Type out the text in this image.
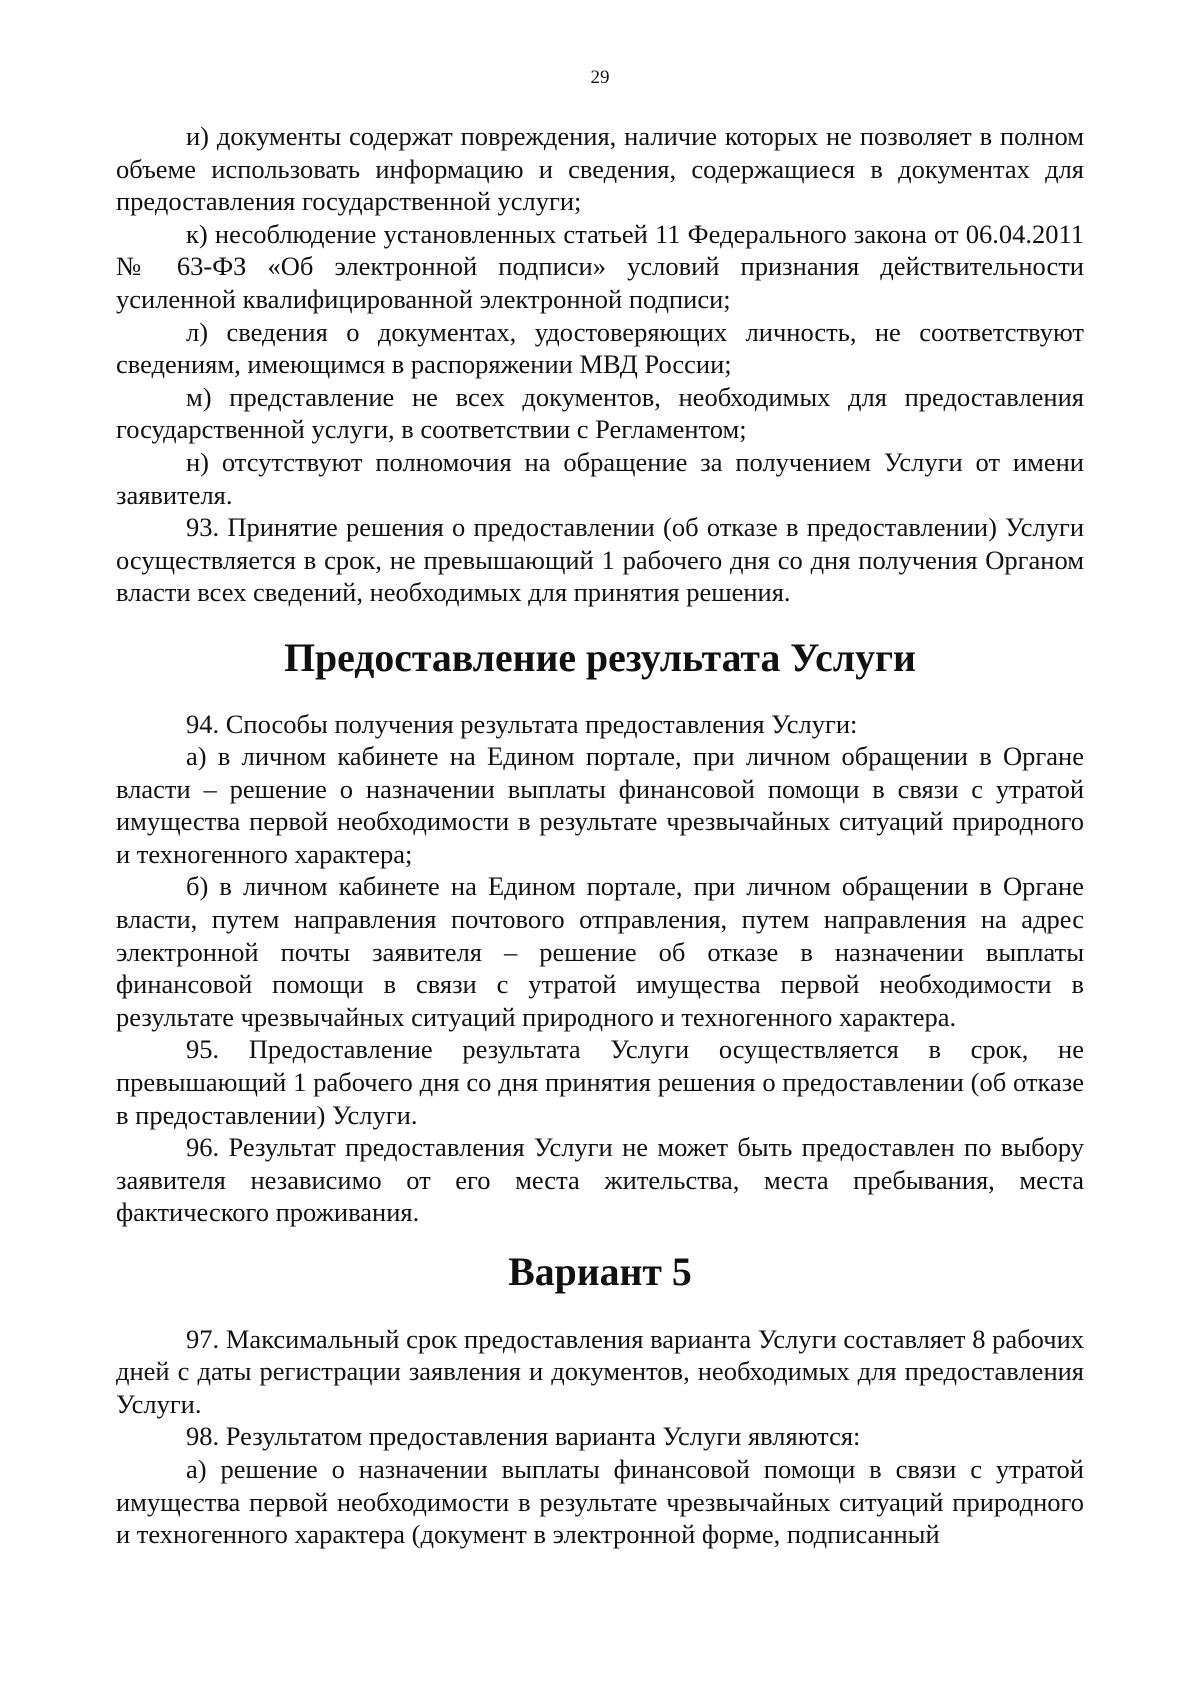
29

и) документы содержат повреждения, наличие которых не позволяет в полном объеме использовать информацию и сведения, содержащиеся в документах для предоставления государственной услуги;

к) несоблюдение установленных статьей 11 Федерального закона от 06.04.2011 № 63-ФЗ «Об электронной подписи» условий признания действительности усиленной квалифицированной электронной подписи;

л) сведения о документах, удостоверяющих личность, не соответствуют сведениям, имеющимся в распоряжении МВД России;

м) представление не всех документов, необходимых для предоставления государственной услуги, в соответствии с Регламентом;

н) отсутствуют полномочия на обращение за получением Услуги от имени заявителя.

93. Принятие решения о предоставлении (об отказе в предоставлении) Услуги осуществляется в срок, не превышающий 1 рабочего дня со дня получения Органом власти всех сведений, необходимых для принятия решения.

Предоставление результата Услуги

94. Способы получения результата предоставления Услуги:

а) в личном кабинете на Едином портале, при личном обращении в Органе власти – решение о назначении выплаты финансовой помощи в связи с утратой имущества первой необходимости в результате чрезвычайных ситуаций природного и техногенного характера;

б) в личном кабинете на Едином портале, при личном обращении в Органе власти, путем направления почтового отправления, путем направления на адрес электронной почты заявителя – решение об отказе в назначении выплаты финансовой помощи в связи с утратой имущества первой необходимости в результате чрезвычайных ситуаций природного и техногенного характера.

95. Предоставление результата Услуги осуществляется в срок, не превышающий 1 рабочего дня со дня принятия решения о предоставлении (об отказе в предоставлении) Услуги.

96. Результат предоставления Услуги не может быть предоставлен по выбору заявителя независимо от его места жительства, места пребывания, места фактического проживания.

Вариант 5

97. Максимальный срок предоставления варианта Услуги составляет 8 рабочих дней с даты регистрации заявления и документов, необходимых для предоставления Услуги.

98. Результатом предоставления варианта Услуги являются:

а) решение о назначении выплаты финансовой помощи в связи с утратой имущества первой необходимости в результате чрезвычайных ситуаций природного и техногенного характера (документ в электронной форме, подписанный
